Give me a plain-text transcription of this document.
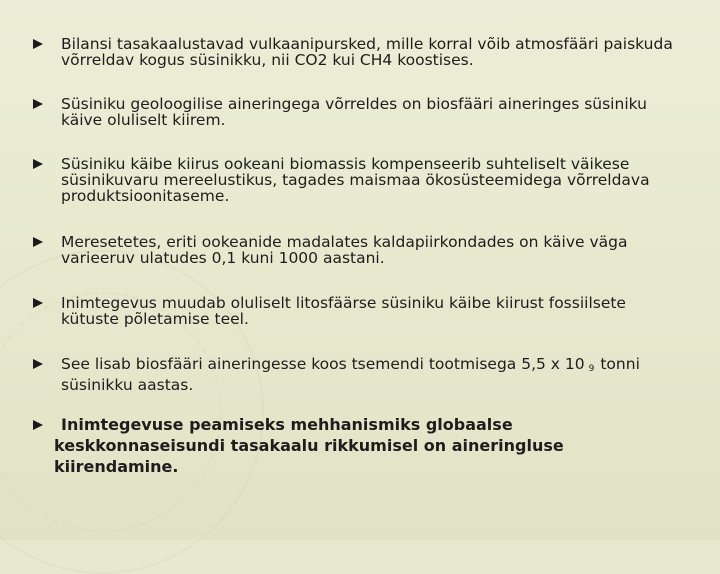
Bilansi tasakaalustavad vulkaanipursked, mille korral võib atmosfääri paiskuda
võrreldav kogus süsinikku, nii CO2 kui CH4 koostises.
Süsiniku geoloogilise aineringega võrreldes on biosfääri aineringes süsiniku
käive oluliselt kiirem.
Süsiniku käibe kiirus ookeani biomassis kompenseerib suhteliselt väikese
süsinikuvaru mereelustikus, tagades maismaa ökosüsteemidega võrreldava
produktsioonitaseme.
Meresetetes, eriti ookeanide madalates kaldapiirkondades on käive väga
varieeruv ulatudes 0,1 kuni 1000 aastani.
Inimtegevus muudab oluliselt litosfäärse süsiniku käibe kiirust fossiilsete
kütuste põletamise teel.
See lisab biosfääri aineringesse koos tsemendi tootmisega 5,5 x 10 $_9$ tonni
süsinikku aastas.
Inimtegevuse peamiseks mehhanismiks globaalse
keskkonnaseisundi tasakaalu rikkumisel on aineringluse
kiirendamine.
